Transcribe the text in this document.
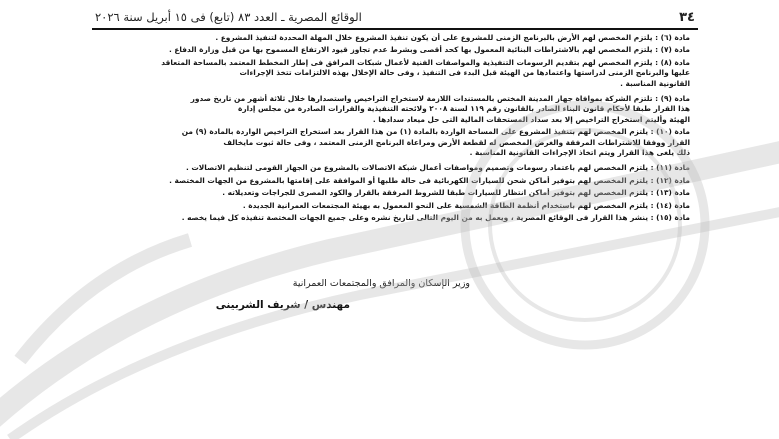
٣٤
الوقائع المصرية ـ العدد ٨٣ (تابع) فى ١٥ أبريل سنة ٢٠٢٦
مادة (٦) : يلتزم المخصص لهم الأرض بالبرنامج الزمنى للمشروع على أن يكون تنفيذ المشروع خلال المهلة المحددة لتنفيذ المشروع .
مادة (٧) : يلتزم المخصص لهم بالاشتراطات البنائية المعمول بها كحد أقصى وبشرط عدم تجاوز قيود الارتفاع المسموح بها من قبل وزارة الدفاع .
مادة (٨) : يلتزم المخصص لهم بتقديم الرسومات التنفيذية والمواصفات الفنية لأعمال شبكات المرافق فى إطار المخطط المعتمد بالمساحة المتعاقد
عليها والبرنامج الزمنى لدراستها واعتمادها من الهيئة قبل البدء فى التنفيذ ، وفى حالة الإخلال بهذه الالتزامات تتخذ الإجراءات
القانونية المناسبة .
مادة (٩) : تلتزم الشركة بموافاة جهاز المدينة المختص بالمستندات اللازمة لاستخراج التراخيص واستصدارها خلال ثلاثة أشهر من تاريخ صدور
هذا القرار طبقا لأحكام قانون البناء الصادر بالقانون رقم ١١٩ لسنة ٢٠٠٨ ولائحته التنفيذية والقرارات الصادرة من مجلس إدارة
الهيئة وأليتم استخراج التراخيص إلا بعد سداد المستحقات المالية التى حل ميعاد سدادها .
مادة (١٠) : يلتزم المخصص لهم بتنفيذ المشروع على المساحة الواردة بالمادة (١) من هذا القرار بعد استخراج التراخيص الواردة بالمادة (٩) من
القرار ووفقا للاشتراطات المرفقة والغرض المخصص له لقطعة الأرض ومراعاة البرنامج الزمنى المعتمد ، وفى حالة ثبوت مايخالف
ذلك يلغى هذا القرار ويتم اتخاذ الإجراءات القانونية المناسبة .
مادة (١١) : يلتزم المخصص لهم باعتماد رسومات وتصميم ومواصفات أعمال شبكة الاتصالات بالمشروع من الجهاز القومى لتنظيم الاتصالات .
مادة (١٢) : يلتزم المخصص لهم بتوفير أماكن شحن للسيارات الكهربائية فى حالة طلبها أو الموافقة على إقامتها بالمشروع من الجهات المختصة .
مادة (١٣) : يلتزم المخصص لهم بتوفير أماكن انتظار للسيارات طبقا للشروط المرفقة بالقرار والكود المصرى للجراجات وتعديلاته .
مادة (١٤) : يلتزم المخصص لهم باستخدام أنظمة الطاقة الشمسية على النحو المعمول به بهيئة المجتمعات العمرانية الجديدة .
مادة (١٥) : ينشر هذا القرار فى الوقائع المصرية ، ويعمل به من اليوم التالى لتاريخ نشره وعلى جميع الجهات المختصة تنفيذه كل فيما يخصه .
وزير الإسكان والمرافق والمجتمعات العمرانية
مهندس / شريف الشربينى
